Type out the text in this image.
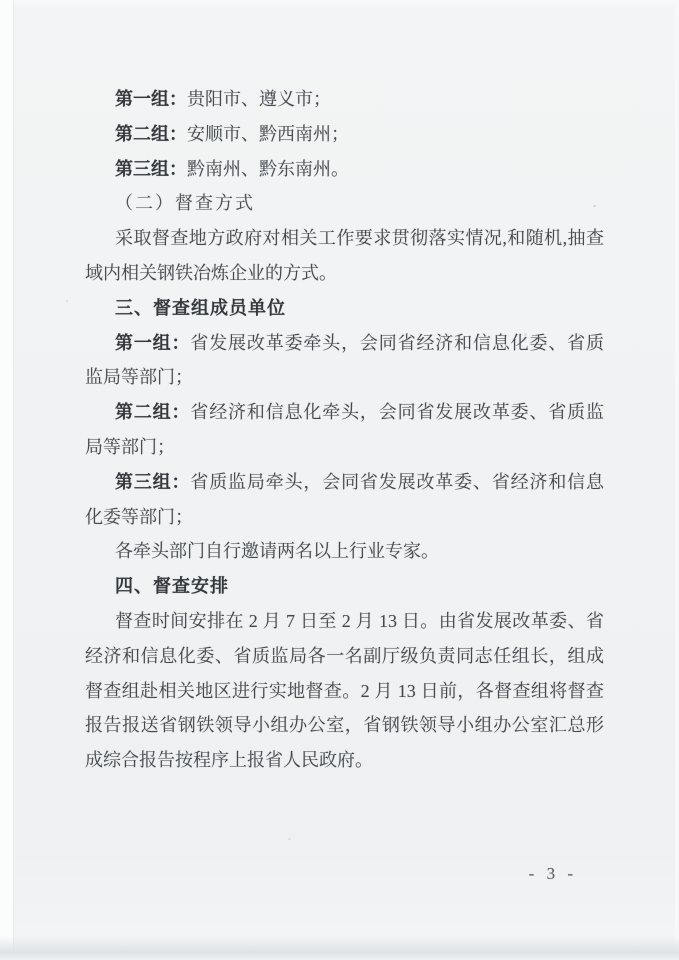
第一组：贵阳市、遵义市；
第二组：安顺市、黔西南州；
第三组：黔南州、黔东南州。
（二）督查方式
采取督查地方政府对相关工作要求贯彻落实情况,和随机,抽查
域内相关钢铁冶炼企业的方式。
三、督查组成员单位
第一组：省发展改革委牵头，会同省经济和信息化委、省质
监局等部门；
第二组：省经济和信息化牵头，会同省发展改革委、省质监
局等部门；
第三组：省质监局牵头，会同省发展改革委、省经济和信息
化委等部门；
各牵头部门自行邀请两名以上行业专家。
四、督查安排
督查时间安排在 2 月 7 日至 2 月 13 日。由省发展改革委、省
经济和信息化委、省质监局各一名副厅级负责同志任组长，组成
督查组赴相关地区进行实地督查。2 月 13 日前，各督查组将督查
报告报送省钢铁领导小组办公室，省钢铁领导小组办公室汇总形
成综合报告按程序上报省人民政府。
- 3 -
